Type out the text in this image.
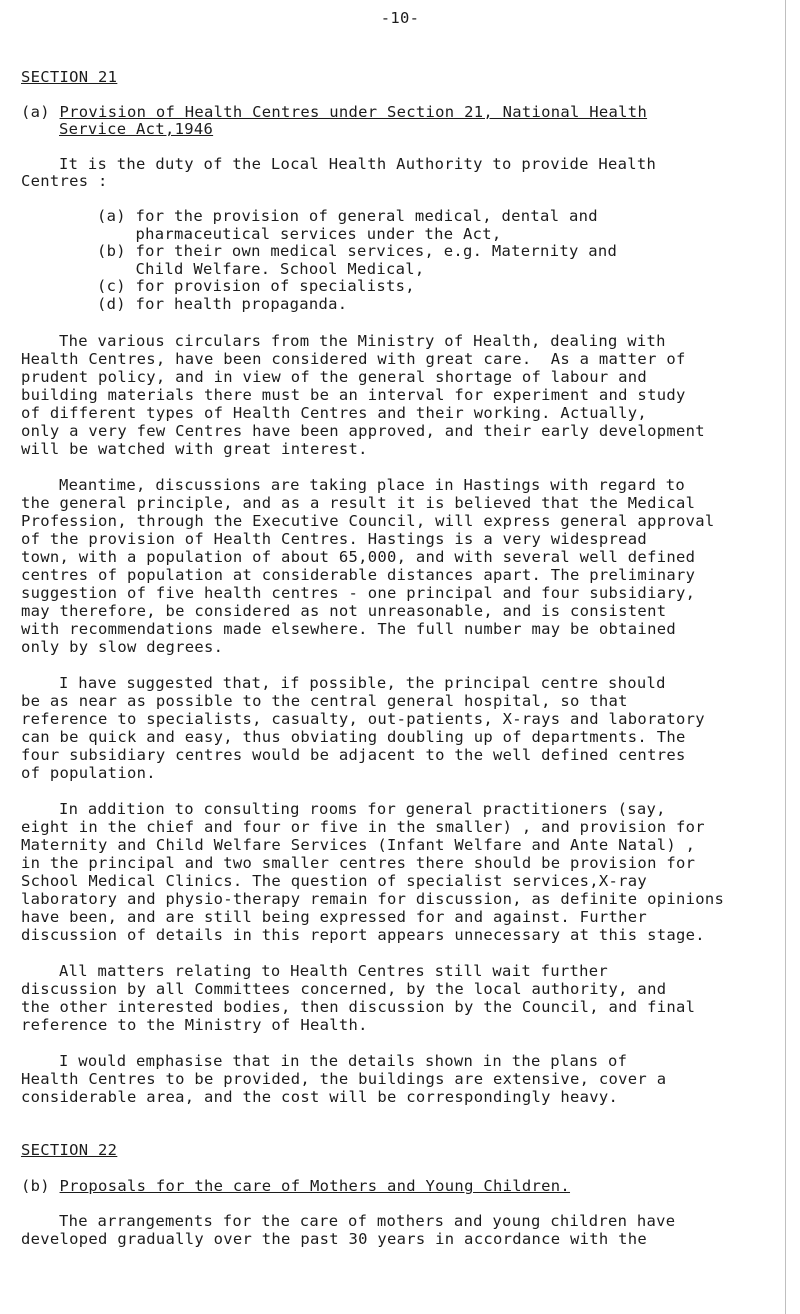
-10-
SECTION 21
(a) Provision of Health Centres under Section 21, National Health
Service Act,1946
It is the duty of the Local Health Authority to provide Health
Centres :
(a) for the provision of general medical, dental and
pharmaceutical services under the Act,
(b) for their own medical services, e.g. Maternity and
Child Welfare. School Medical,
(c) for provision of specialists,
(d) for health propaganda.
The various circulars from the Ministry of Health, dealing with
Health Centres, have been considered with great care.  As a matter of
prudent policy, and in view of the general shortage of labour and
building materials there must be an interval for experiment and study
of different types of Health Centres and their working. Actually,
only a very few Centres have been approved, and their early development
will be watched with great interest.
Meantime, discussions are taking place in Hastings with regard to
the general principle, and as a result it is believed that the Medical
Profession, through the Executive Council, will express general approval
of the provision of Health Centres. Hastings is a very widespread
town, with a population of about 65,000, and with several well defined
centres of population at considerable distances apart. The preliminary
suggestion of five health centres - one principal and four subsidiary,
may therefore, be considered as not unreasonable, and is consistent
with recommendations made elsewhere. The full number may be obtained
only by slow degrees.
I have suggested that, if possible, the principal centre should
be as near as possible to the central general hospital, so that
reference to specialists, casualty, out-patients, X-rays and laboratory
can be quick and easy, thus obviating doubling up of departments. The
four subsidiary centres would be adjacent to the well defined centres
of population.
In addition to consulting rooms for general practitioners (say,
eight in the chief and four or five in the smaller) , and provision for
Maternity and Child Welfare Services (Infant Welfare and Ante Natal) ,
in the principal and two smaller centres there should be provision for
School Medical Clinics. The question of specialist services,X-ray
laboratory and physio-therapy remain for discussion, as definite opinions
have been, and are still being expressed for and against. Further
discussion of details in this report appears unnecessary at this stage.
All matters relating to Health Centres still wait further
discussion by all Committees concerned, by the local authority, and
the other interested bodies, then discussion by the Council, and final
reference to the Ministry of Health.
I would emphasise that in the details shown in the plans of
Health Centres to be provided, the buildings are extensive, cover a
considerable area, and the cost will be correspondingly heavy.
SECTION 22
(b) Proposals for the care of Mothers and Young Children.
The arrangements for the care of mothers and young children have
developed gradually over the past 30 years in accordance with the
